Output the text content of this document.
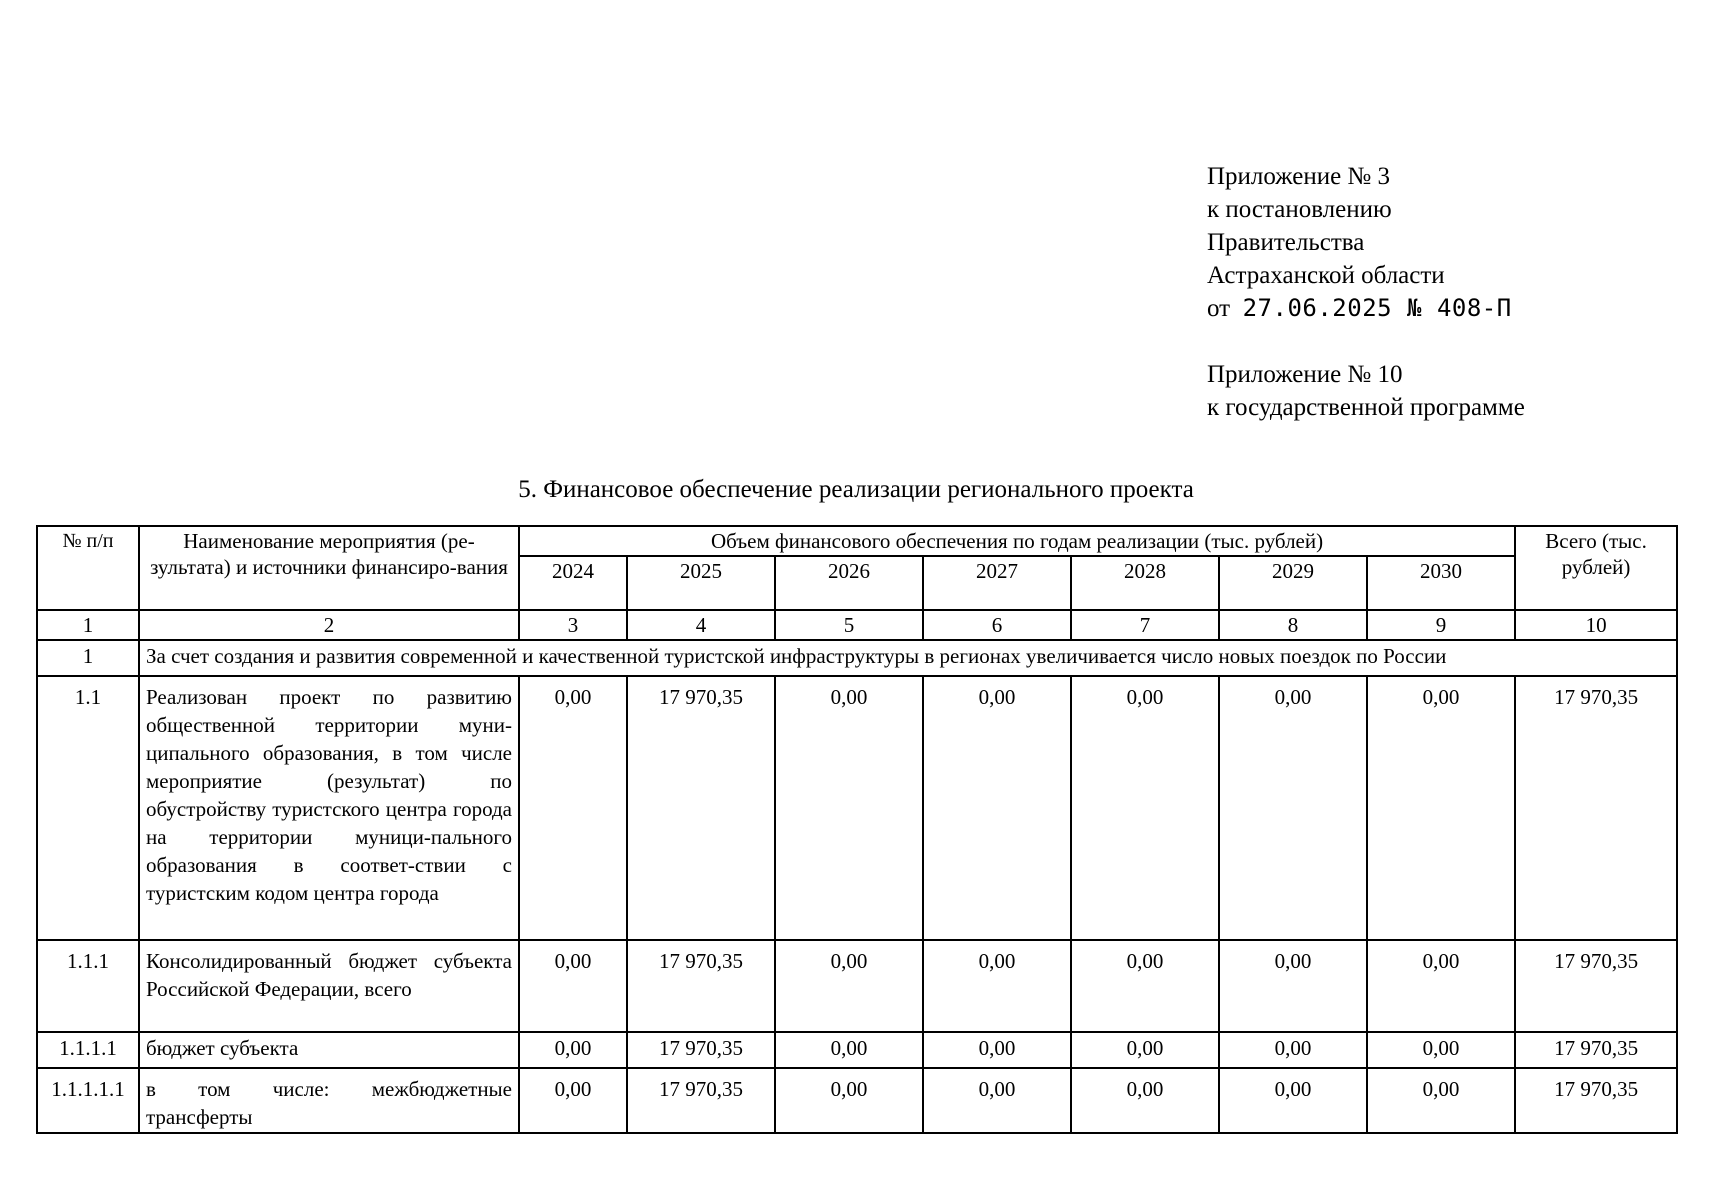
Приложение № 3
к постановлению
Правительства
Астраханской области
от 27.06.2025 № 408-П
Приложение № 10
к государственной программе
5. Финансовое обеспечение реализации регионального проекта
№ п/п	Наименование мероприятия (ре-зультата) и источники финансиро-вания	Объем финансового обеспечения по годам реализации (тыс. рублей)							Всего (тыс. рублей)
		2024	2025	2026	2027	2028	2029	2030	
1	2	3	4	5	6	7	8	9	10
1	За счет создания и развития современной и качественной туристской инфраструктуры в регионах увеличивается число новых поездок по России								
1.1	Реализован проект по развитию общественной территории муни-ципального образования, в том числе мероприятие (результат) по обустройству туристского центра города на территории муници-пального образования в соответ-ствии с туристским кодом центра города	0,00	17 970,35	0,00	0,00	0,00	0,00	0,00	17 970,35
1.1.1	Консолидированный бюджет субъекта Российской Федерации, всего	0,00	17 970,35	0,00	0,00	0,00	0,00	0,00	17 970,35
1.1.1.1	бюджет субъекта	0,00	17 970,35	0,00	0,00	0,00	0,00	0,00	17 970,35
1.1.1.1.1	в том числе: межбюджетные трансферты	0,00	17 970,35	0,00	0,00	0,00	0,00	0,00	17 970,35
